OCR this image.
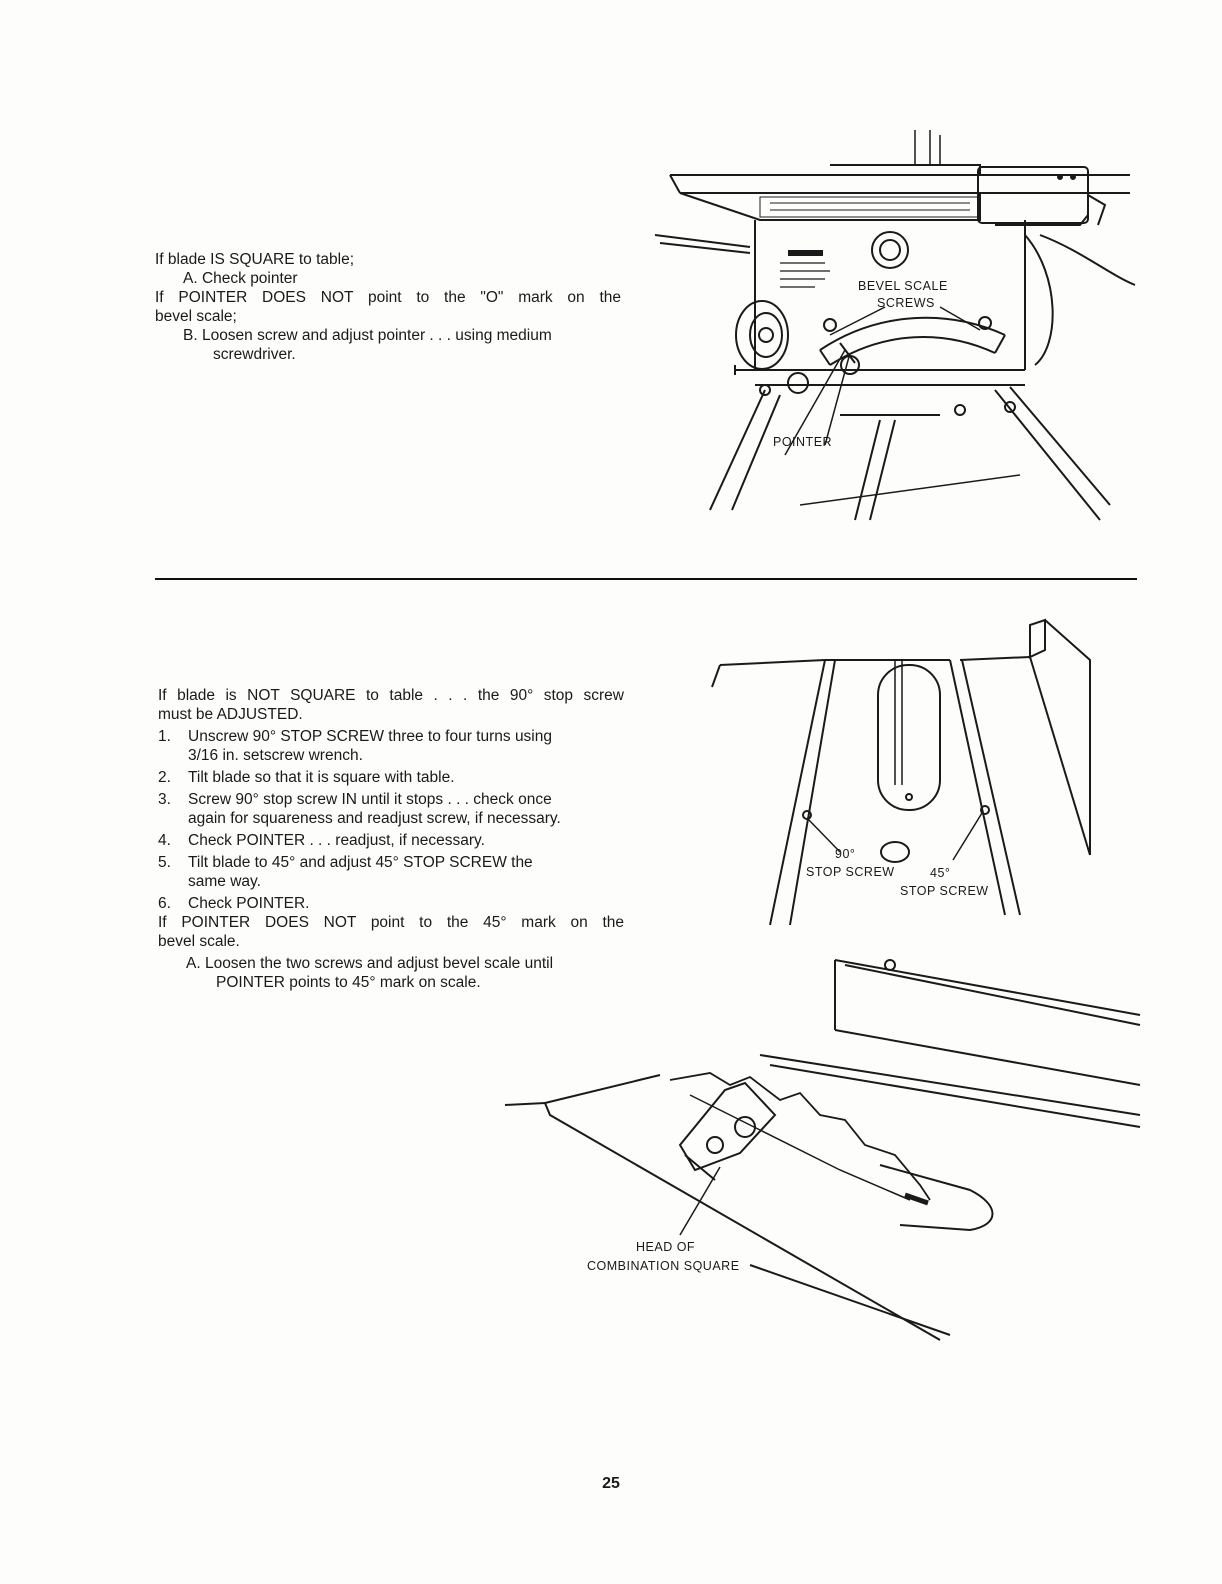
If blade IS SQUARE to table;
A. Check pointer
If POINTER DOES NOT point to the "O" mark on the
bevel scale;
B. Loosen screw and adjust pointer . . . using medium
screwdriver.
BEVEL SCALE
SCREWS
POINTER
If blade is NOT SQUARE to table . . . the 90° stop screw
must be ADJUSTED.
1. Unscrew 90° STOP SCREW three to four turns using
3/16 in. setscrew wrench.
2. Tilt blade so that it is square with table.
3. Screw 90° stop screw IN until it stops . . . check once
again for squareness and readjust screw, if necessary.
4. Check POINTER . . . readjust, if necessary.
5. Tilt blade to 45° and adjust 45° STOP SCREW the
same way.
6. Check POINTER.
If POINTER DOES NOT point to the 45° mark on the
bevel scale.
A. Loosen the two screws and adjust bevel scale until
POINTER points to 45° mark on scale.
90°
STOP SCREW	45°
STOP SCREW
HEAD OF
COMBINATION SQUARE
25
